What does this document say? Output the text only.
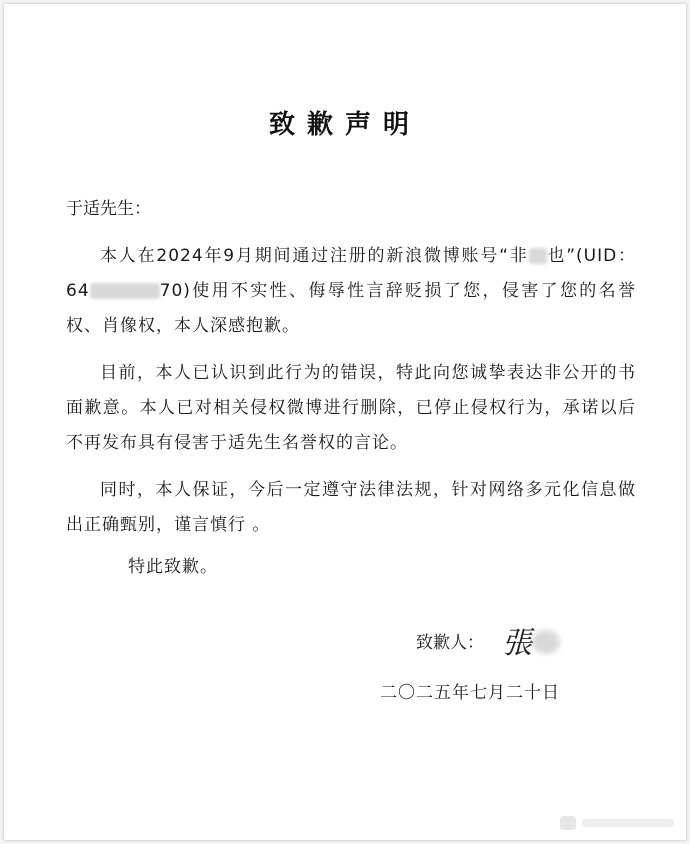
致歉声明
于适先生：

本人在2024年9月期间通过注册的新浪微博账号“非 也”(UID：64	70)使用不实性、侮辱性言辞贬损了您，侵害了您的名誉权、肖像权，本人深感抱歉。

目前，本人已认识到此行为的错误，特此向您诚挚表达非公开的书面歉意。本人已对相关侵权微博进行删除，已停止侵权行为，承诺以后不再发布具有侵害于适先生名誉权的言论。

同时，本人保证，今后一定遵守法律法规，针对网络多元化信息做出正确甄别，谨言慎行 。

特此致歉。
致歉人： 張
二〇二五年七月二十日
